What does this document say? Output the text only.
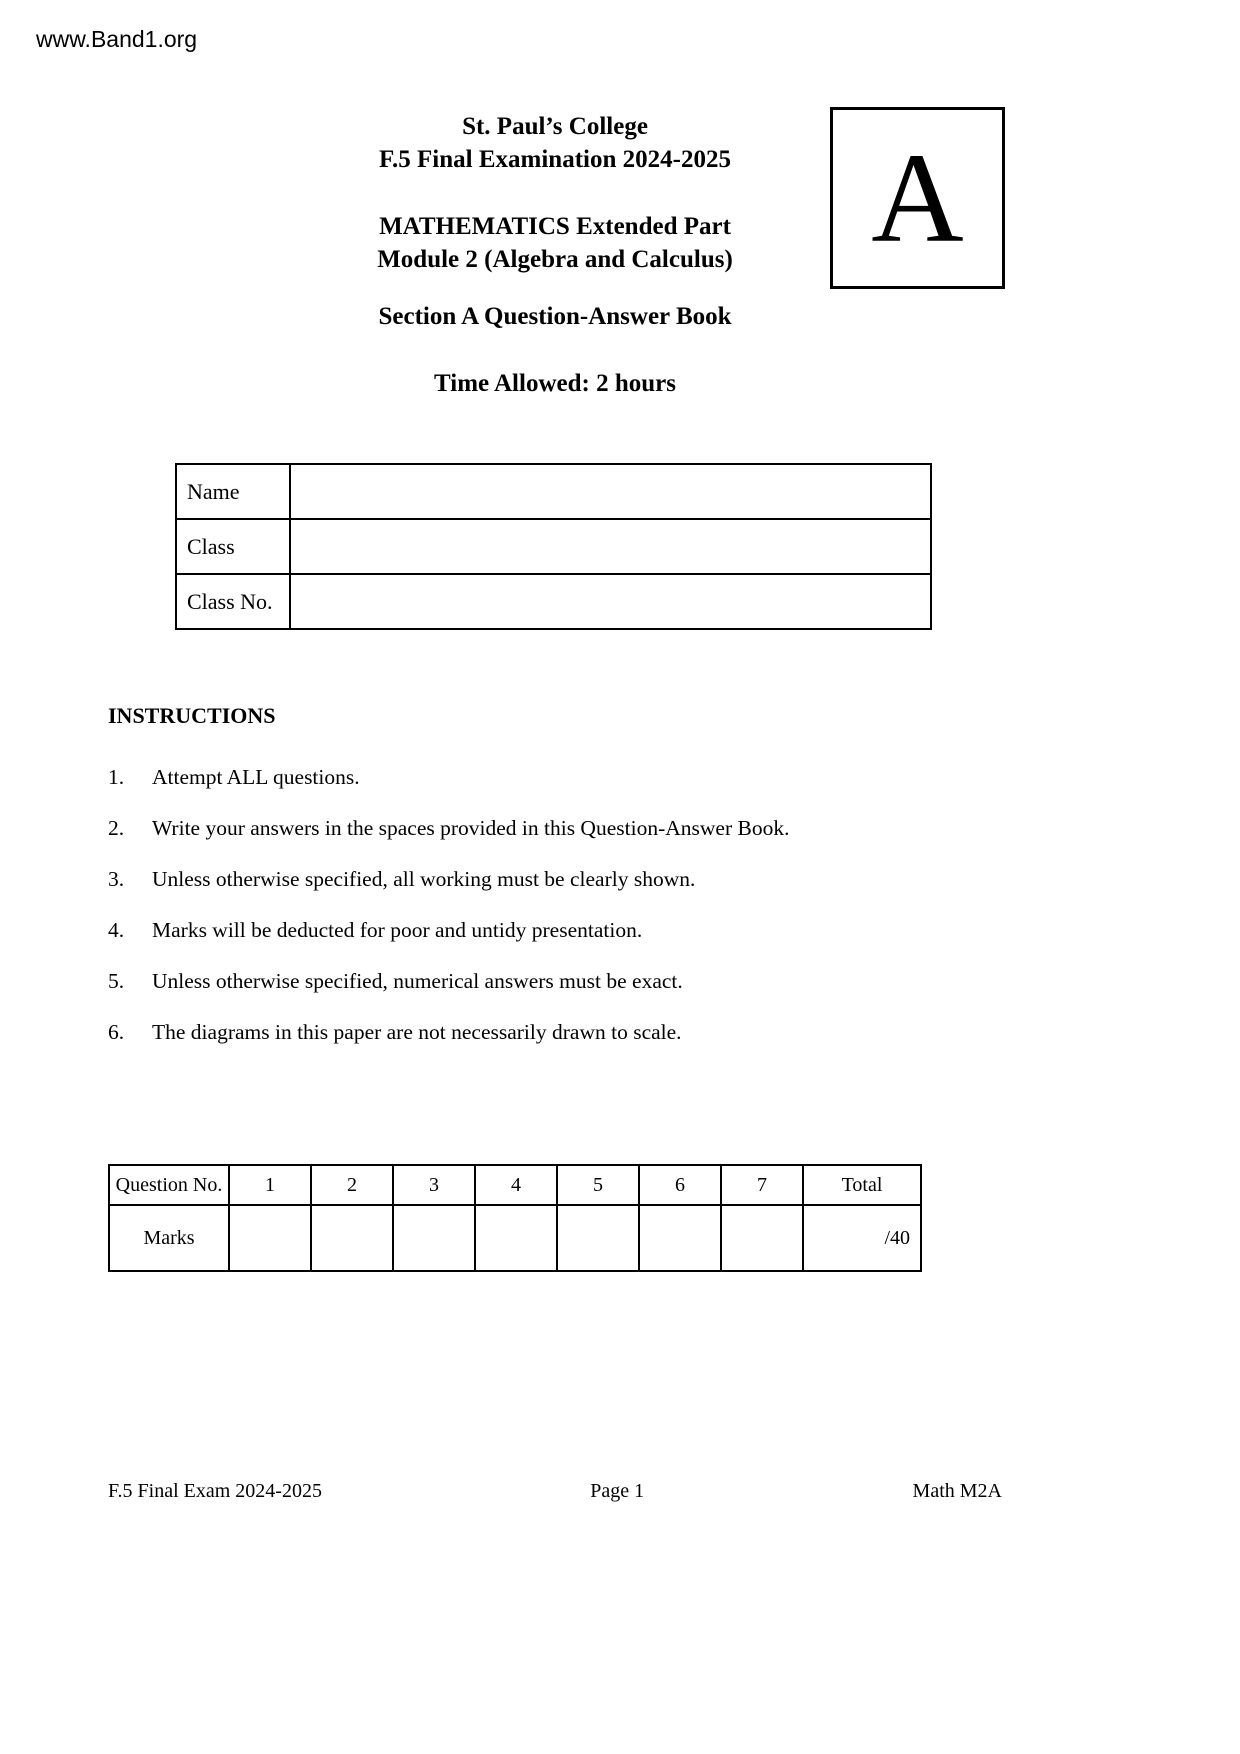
www.Band1.org
St. Paul’s College
F.5 Final Examination 2024-2025
MATHEMATICS Extended Part
Module 2 (Algebra and Calculus)
Section A Question-Answer Book
Time Allowed: 2 hours
A
Name	
Class	
Class No.	
INSTRUCTIONS
1.	Attempt ALL questions.
2.	Write your answers in the spaces provided in this Question-Answer Book.
3.	Unless otherwise specified, all working must be clearly shown.
4.	Marks will be deducted for poor and untidy presentation.
5.	Unless otherwise specified, numerical answers must be exact.
6.	The diagrams in this paper are not necessarily drawn to scale.
Question No.	1	2	3	4	5	6	7	Total
Marks								/40
F.5 Final Exam 2024-2025	Page 1	Math M2A
